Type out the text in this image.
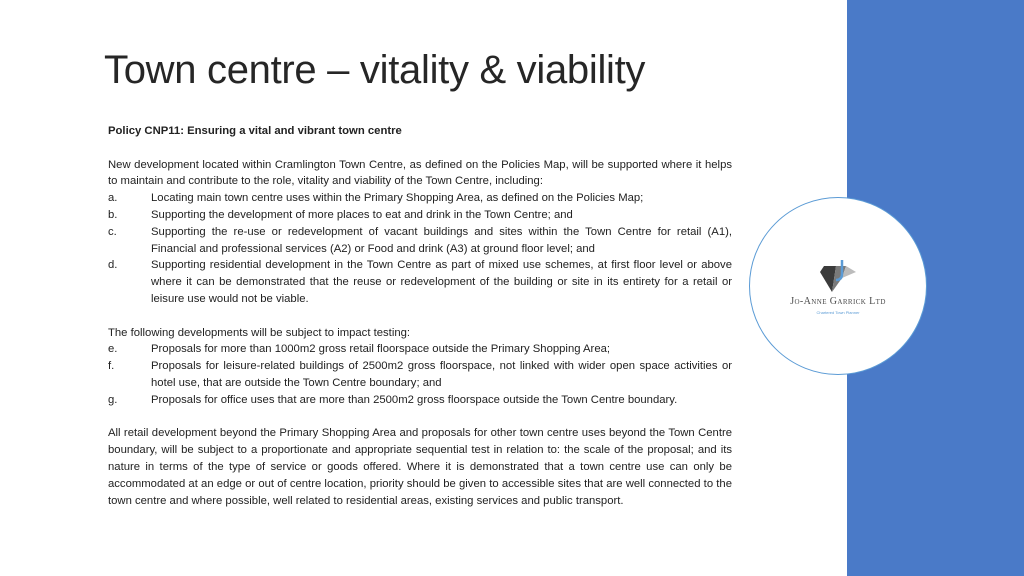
Jo-Anne Garrick Ltd
Chartered Town Planner
Town centre – vitality & viability
Policy CNP11: Ensuring a vital and vibrant town centre

New development located within Cramlington Town Centre, as defined on the Policies Map, will be supported where it helps to maintain and contribute to the role, vitality and viability of the Town Centre, including:

a.	Locating main town centre uses within the Primary Shopping Area, as defined on the Policies Map;
b.	Supporting the development of more places to eat and drink in the Town Centre; and
c.	Supporting the re-use or redevelopment of vacant buildings and sites within the Town Centre for retail (A1), Financial and professional services (A2) or Food and drink (A3) at ground floor level; and
d.	Supporting residential development in the Town Centre as part of mixed use schemes, at first floor level or above where it can be demonstrated that the reuse or redevelopment of the building or site in its entirety for a retail or leisure use would not be viable.

The following developments will be subject to impact testing:

e.	Proposals for more than 1000m2 gross retail floorspace outside the Primary Shopping Area;
f.	Proposals for leisure-related buildings of 2500m2 gross floorspace, not linked with wider open space activities or hotel use, that are outside the Town Centre boundary; and
g.	Proposals for office uses that are more than 2500m2 gross floorspace outside the Town Centre boundary.

All retail development beyond the Primary Shopping Area and proposals for other town centre uses beyond the Town Centre boundary, will be subject to a proportionate and appropriate sequential test in relation to: the scale of the proposal; and its nature in terms of the type of service or goods offered. Where it is demonstrated that a town centre use can only be accommodated at an edge or out of centre location, priority should be given to accessible sites that are well connected to the town centre and where possible, well related to residential areas, existing services and public transport.
